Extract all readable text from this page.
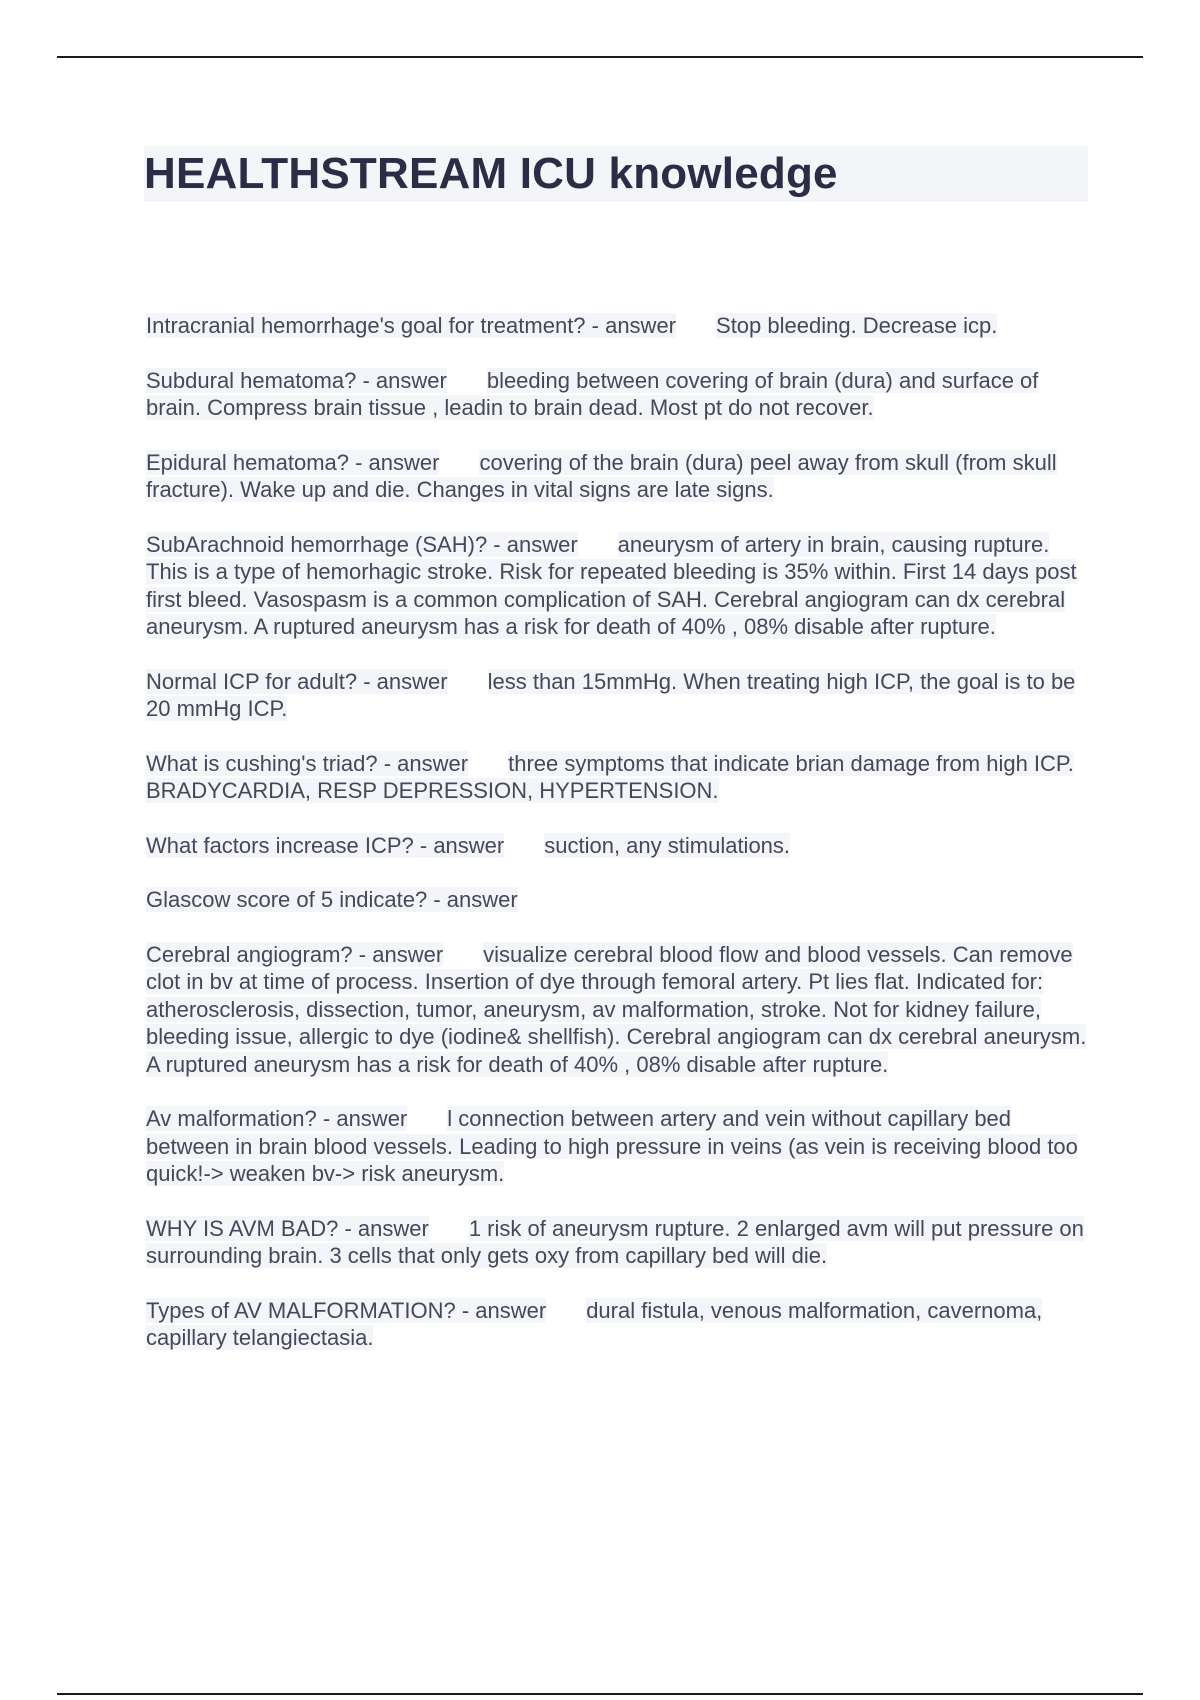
HEALTHSTREAM ICU knowledge

Intracranial hemorrhage's goal for treatment? - answer Stop bleeding. Decrease icp.

Subdural hematoma? - answer bleeding between covering of brain (dura) and surface of brain. Compress brain tissue , leadin to brain dead. Most pt do not recover.

Epidural hematoma? - answer covering of the brain (dura) peel away from skull (from skull fracture). Wake up and die. Changes in vital signs are late signs.

SubArachnoid hemorrhage (SAH)? - answer aneurysm of artery in brain, causing rupture. This is a type of hemorhagic stroke. Risk for repeated bleeding is 35% within. First 14 days post first bleed. Vasospasm is a common complication of SAH. Cerebral angiogram can dx cerebral aneurysm. A ruptured aneurysm has a risk for death of 40% , 08% disable after rupture.

Normal ICP for adult? - answer less than 15mmHg. When treating high ICP, the goal is to be 20 mmHg ICP.

What is cushing's triad? - answer three symptoms that indicate brian damage from high ICP. BRADYCARDIA, RESP DEPRESSION, HYPERTENSION.

What factors increase ICP? - answer suction, any stimulations.

Glascow score of 5 indicate? - answer

Cerebral angiogram? - answer visualize cerebral blood flow and blood vessels. Can remove clot in bv at time of process. Insertion of dye through femoral artery. Pt lies flat. Indicated for: atherosclerosis, dissection, tumor, aneurysm, av malformation, stroke. Not for kidney failure, bleeding issue, allergic to dye (iodine& shellfish). Cerebral angiogram can dx cerebral aneurysm. A ruptured aneurysm has a risk for death of 40% , 08% disable after rupture.

Av malformation? - answer l connection between artery and vein without capillary bed between in brain blood vessels. Leading to high pressure in veins (as vein is receiving blood too quick!-> weaken bv-> risk aneurysm.

WHY IS AVM BAD? - answer 1 risk of aneurysm rupture. 2 enlarged avm will put pressure on surrounding brain. 3 cells that only gets oxy from capillary bed will die.

Types of AV MALFORMATION? - answer dural fistula, venous malformation, cavernoma, capillary telangiectasia.
